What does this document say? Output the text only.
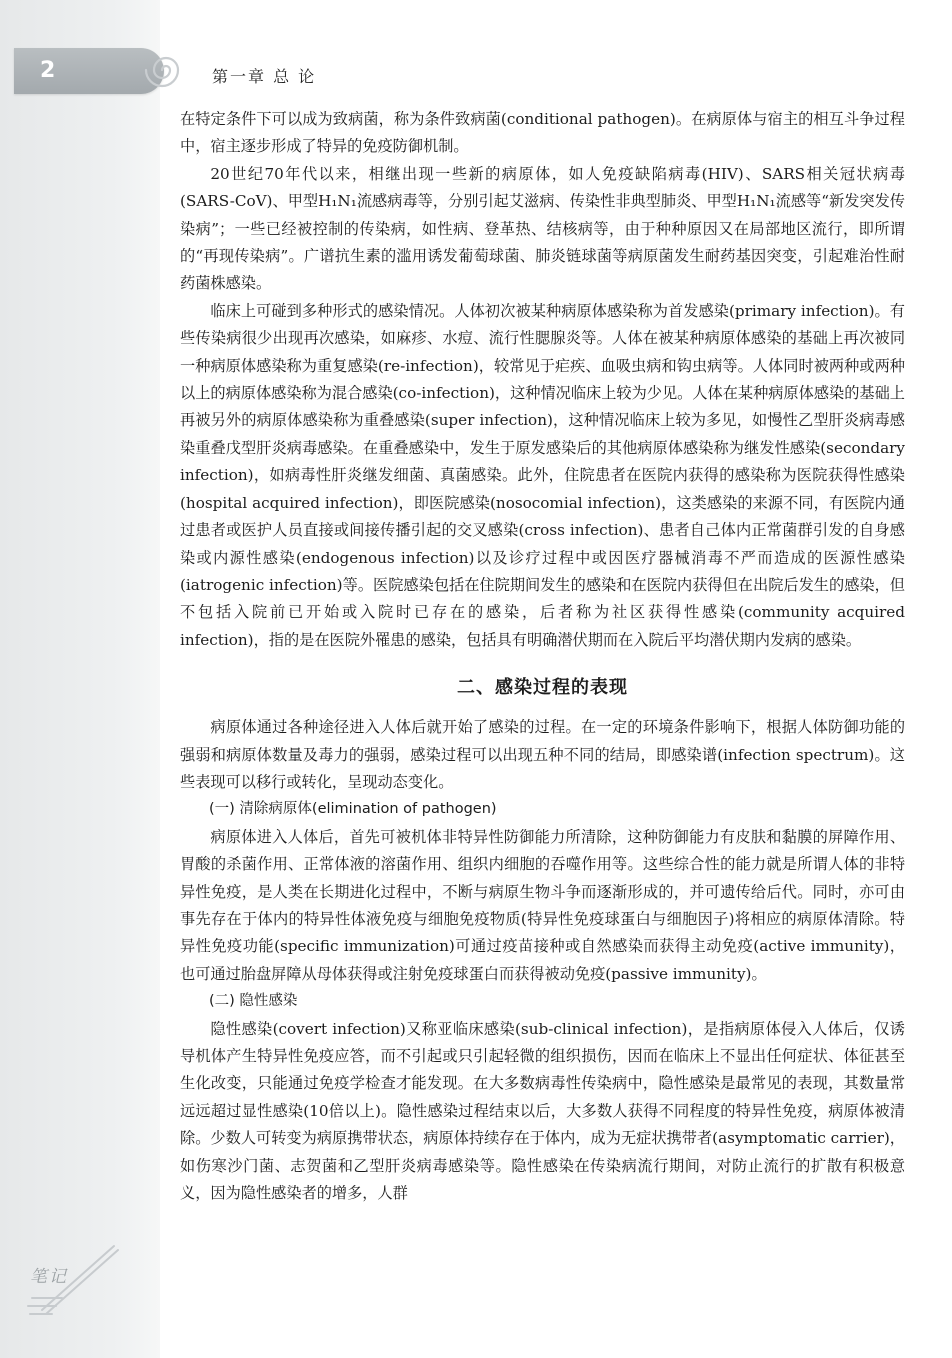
2	第一章 总 论

在特定条件下可以成为致病菌，称为条件致病菌(conditional pathogen)。在病原体与宿主的相互斗争过程中，宿主逐步形成了特异的免疫防御机制。

20世纪70年代以来，相继出现一些新的病原体，如人免疫缺陷病毒(HIV)、SARS相关冠状病毒(SARS-CoV)、甲型H₁N₁流感病毒等，分别引起艾滋病、传染性非典型肺炎、甲型H₁N₁流感等“新发突发传染病”；一些已经被控制的传染病，如性病、登革热、结核病等，由于种种原因又在局部地区流行，即所谓的“再现传染病”。广谱抗生素的滥用诱发葡萄球菌、肺炎链球菌等病原菌发生耐药基因突变，引起难治性耐药菌株感染。

临床上可碰到多种形式的感染情况。人体初次被某种病原体感染称为首发感染(primary infection)。有些传染病很少出现再次感染，如麻疹、水痘、流行性腮腺炎等。人体在被某种病原体感染的基础上再次被同一种病原体感染称为重复感染(re-infection)，较常见于疟疾、血吸虫病和钩虫病等。人体同时被两种或两种以上的病原体感染称为混合感染(co-infection)，这种情况临床上较为少见。人体在某种病原体感染的基础上再被另外的病原体感染称为重叠感染(super infection)，这种情况临床上较为多见，如慢性乙型肝炎病毒感染重叠戊型肝炎病毒感染。在重叠感染中，发生于原发感染后的其他病原体感染称为继发性感染(secondary infection)，如病毒性肝炎继发细菌、真菌感染。此外，住院患者在医院内获得的感染称为医院获得性感染(hospital acquired infection)，即医院感染(nosocomial infection)，这类感染的来源不同，有医院内通过患者或医护人员直接或间接传播引起的交叉感染(cross infection)、患者自己体内正常菌群引发的自身感染或内源性感染(endogenous infection)以及诊疗过程中或因医疗器械消毒不严而造成的医源性感染(iatrogenic infection)等。医院感染包括在住院期间发生的感染和在医院内获得但在出院后发生的感染，但不包括入院前已开始或入院时已存在的感染，后者称为社区获得性感染(community acquired infection)，指的是在医院外罹患的感染，包括具有明确潜伏期而在入院后平均潜伏期内发病的感染。

二、感染过程的表现

病原体通过各种途径进入人体后就开始了感染的过程。在一定的环境条件影响下，根据人体防御功能的强弱和病原体数量及毒力的强弱，感染过程可以出现五种不同的结局，即感染谱(infection spectrum)。这些表现可以移行或转化，呈现动态变化。

(一) 清除病原体(elimination of pathogen)

病原体进入人体后，首先可被机体非特异性防御能力所清除，这种防御能力有皮肤和黏膜的屏障作用、胃酸的杀菌作用、正常体液的溶菌作用、组织内细胞的吞噬作用等。这些综合性的能力就是所谓人体的非特异性免疫，是人类在长期进化过程中，不断与病原生物斗争而逐渐形成的，并可遗传给后代。同时，亦可由事先存在于体内的特异性体液免疫与细胞免疫物质(特异性免疫球蛋白与细胞因子)将相应的病原体清除。特异性免疫功能(specific immunization)可通过疫苗接种或自然感染而获得主动免疫(active immunity)，也可通过胎盘屏障从母体获得或注射免疫球蛋白而获得被动免疫(passive immunity)。

(二) 隐性感染

隐性感染(covert infection)又称亚临床感染(sub-clinical infection)，是指病原体侵入人体后，仅诱导机体产生特异性免疫应答，而不引起或只引起轻微的组织损伤，因而在临床上不显出任何症状、体征甚至生化改变，只能通过免疫学检查才能发现。在大多数病毒性传染病中，隐性感染是最常见的表现，其数量常远远超过显性感染(10倍以上)。隐性感染过程结束以后，大多数人获得不同程度的特异性免疫，病原体被清除。少数人可转变为病原携带状态，病原体持续存在于体内，成为无症状携带者(asymptomatic carrier)，如伤寒沙门菌、志贺菌和乙型肝炎病毒感染等。隐性感染在传染病流行期间，对防止流行的扩散有积极意义，因为隐性感染者的增多，人群

笔记
